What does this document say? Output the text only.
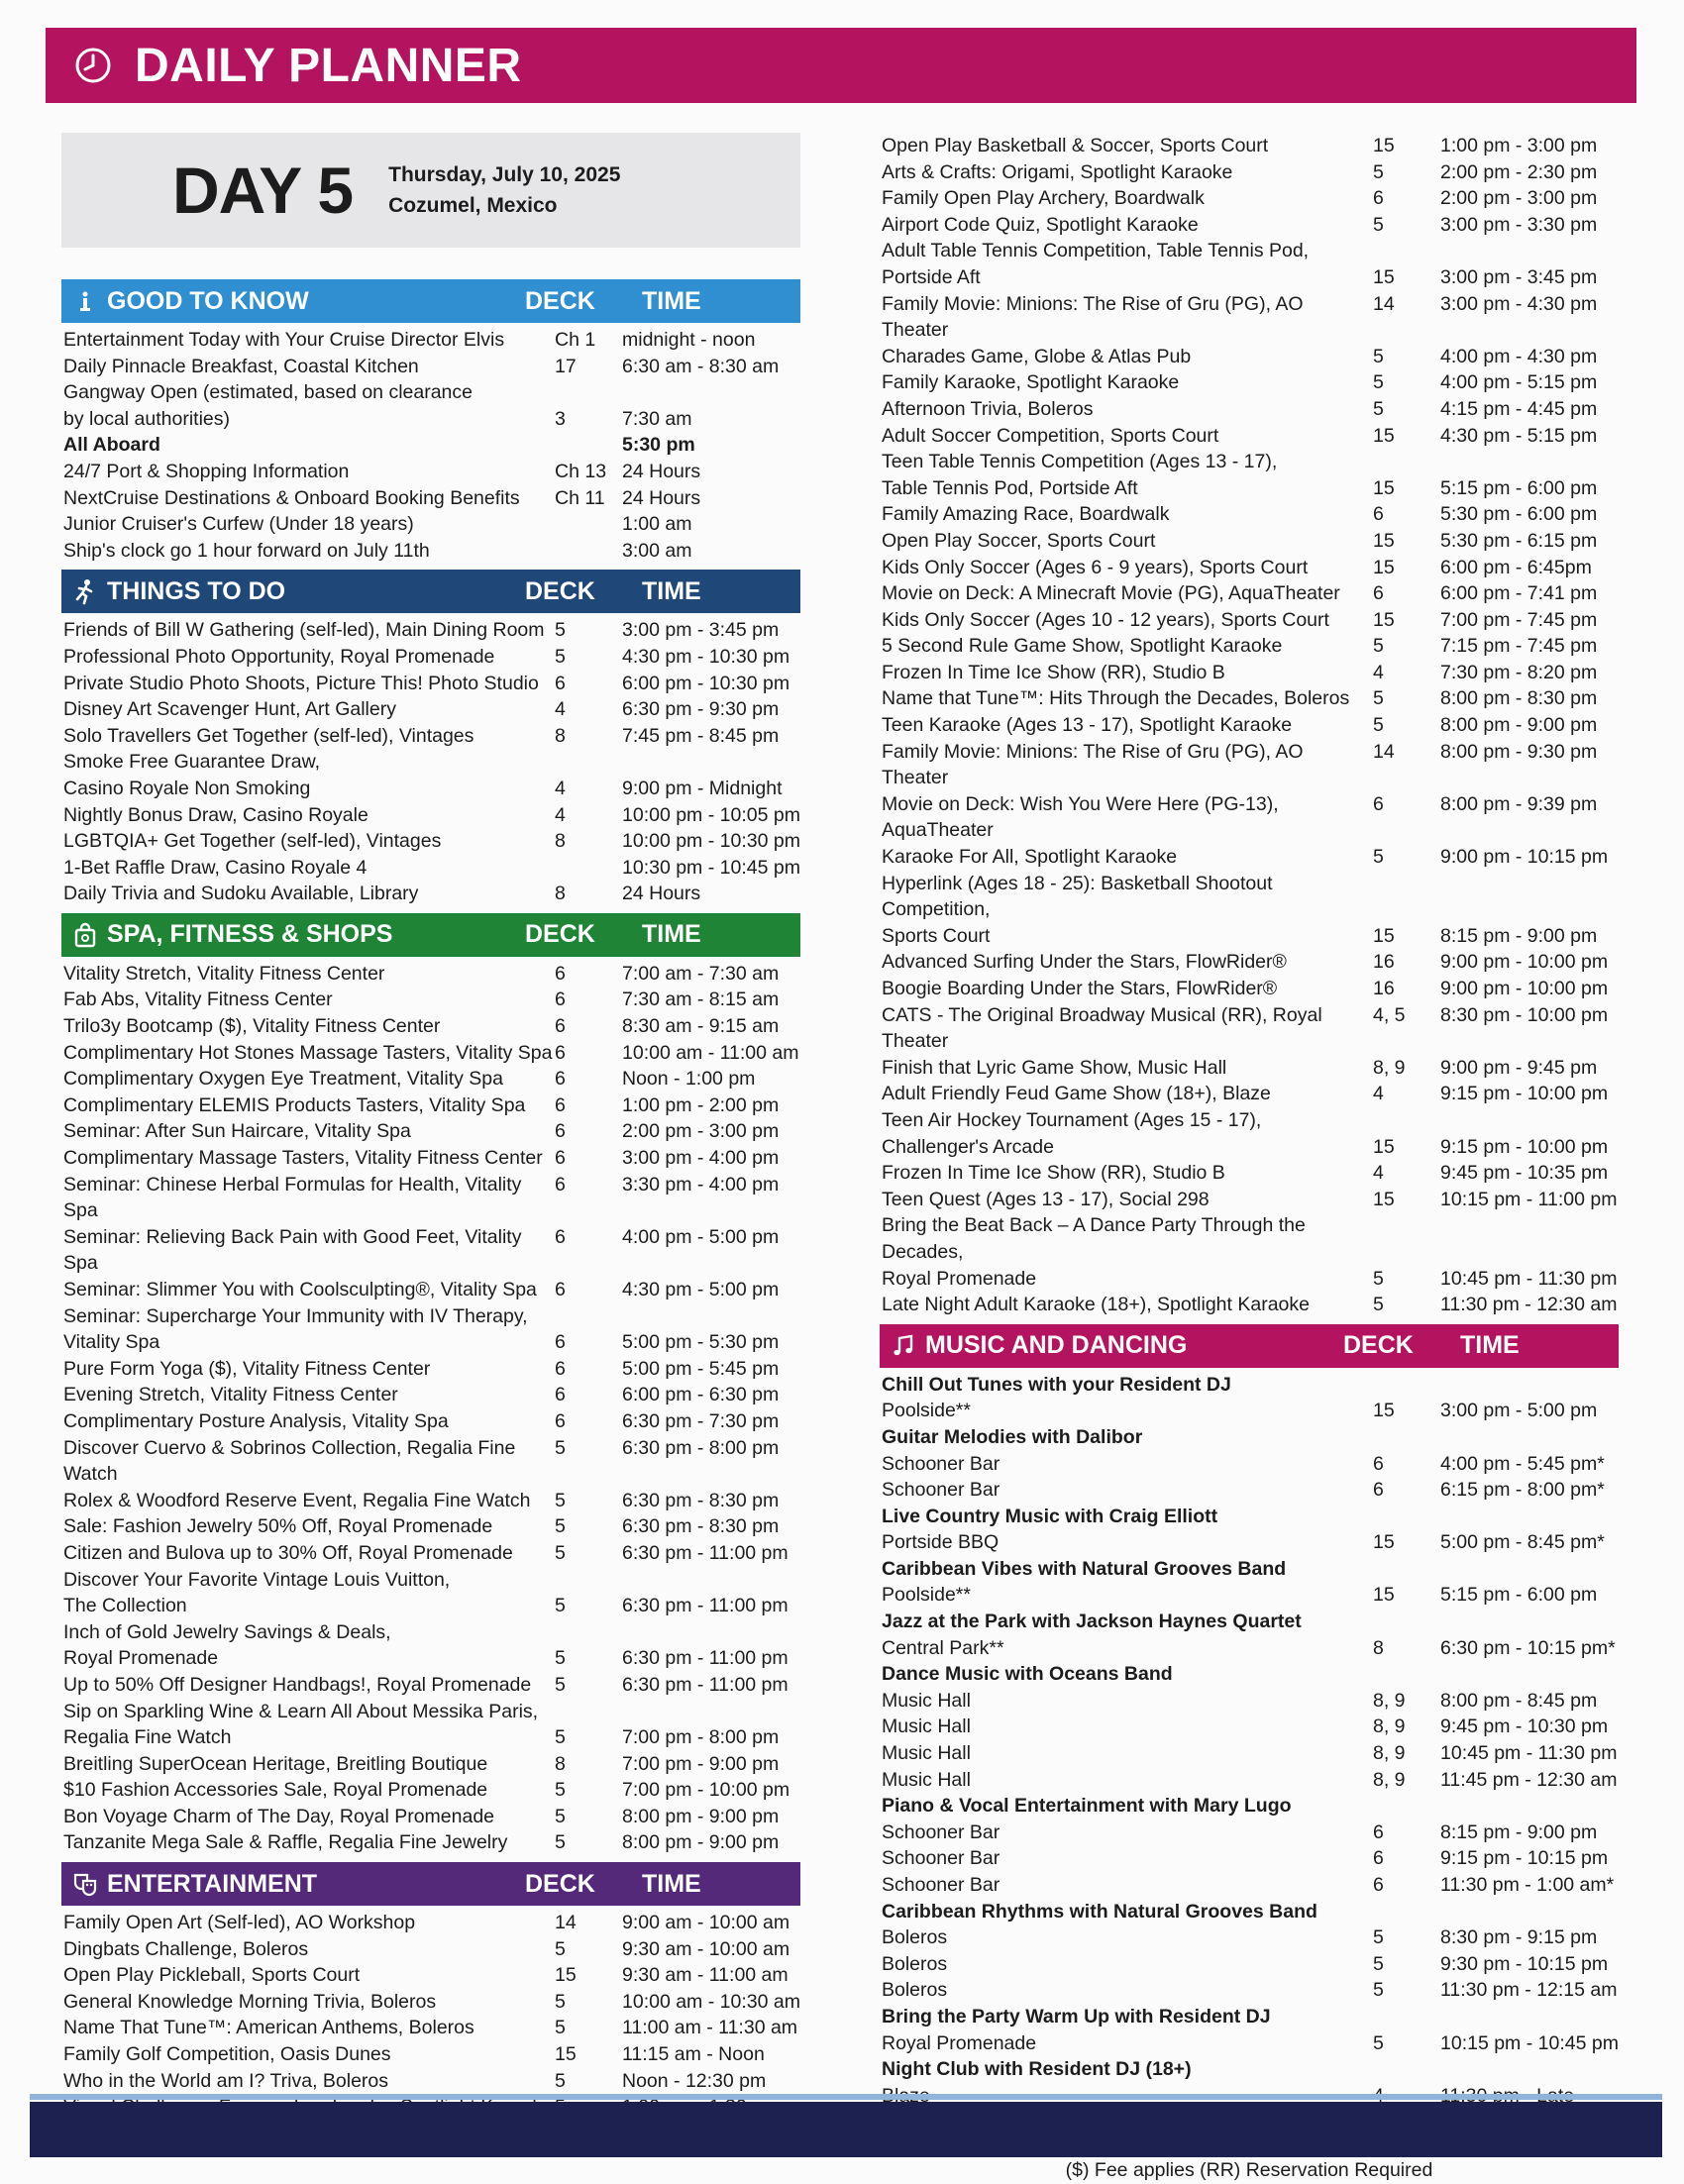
DAILY PLANNER
DAY 5 Thursday, July 10, 2025
Cozumel, Mexico
GOOD TO KNOW	DECK	TIME
Entertainment Today with Your Cruise Director Elvis	Ch 1	midnight - noon
Daily Pinnacle Breakfast, Coastal Kitchen	17	6:30 am - 8:30 am
Gangway Open (estimated, based on clearance
by local authorities)	3	7:30 am
All Aboard	5:30 pm
24/7 Port & Shopping Information	Ch 13 24 Hours
NextCruise Destinations & Onboard Booking Benefits	Ch 11 24 Hours
Junior Cruiser's Curfew (Under 18 years)	1:00 am
Ship's clock go 1 hour forward on July 11th	3:00 am
THINGS TO DO	DECK	TIME
Friends of Bill W Gathering (self-led), Main Dining Room 5	3:00 pm - 3:45 pm
Professional Photo Opportunity, Royal Promenade	5	4:30 pm - 10:30 pm
Private Studio Photo Shoots, Picture This! Photo Studio 6	6:00 pm - 10:30 pm
Disney Art Scavenger Hunt, Art Gallery	4	6:30 pm - 9:30 pm
Solo Travellers Get Together (self-led), Vintages	8	7:45 pm - 8:45 pm
Smoke Free Guarantee Draw,
Casino Royale Non Smoking	4	9:00 pm - Midnight
Nightly Bonus Draw, Casino Royale	4	10:00 pm - 10:05 pm
LGBTQIA+ Get Together (self-led), Vintages	8	10:00 pm - 10:30 pm
1-Bet Raffle Draw, Casino Royale 4	10:30 pm - 10:45 pm
Daily Trivia and Sudoku Available, Library	8	24 Hours
SPA, FITNESS & SHOPS	DECK	TIME
Vitality Stretch, Vitality Fitness Center	6	7:00 am - 7:30 am
Fab Abs, Vitality Fitness Center	6	7:30 am - 8:15 am
Trilo3y Bootcamp ($), Vitality Fitness Center	6	8:30 am - 9:15 am
Complimentary Hot Stones Massage Tasters, Vitality Spa 6	10:00 am - 11:00 am
Complimentary Oxygen Eye Treatment, Vitality Spa	6	Noon - 1:00 pm
Complimentary ELEMIS Products Tasters, Vitality Spa	6	1:00 pm - 2:00 pm
Seminar: After Sun Haircare, Vitality Spa	6	2:00 pm - 3:00 pm
Complimentary Massage Tasters, Vitality Fitness Center 6	3:00 pm - 4:00 pm
Seminar: Chinese Herbal Formulas for Health, Vitality Spa
6	3:30 pm - 4:00 pm
Seminar: Relieving Back Pain with Good Feet, Vitality Spa
6	4:00 pm - 5:00 pm
Seminar: Slimmer You with Coolsculpting®, Vitality Spa 6	4:30 pm - 5:00 pm
Seminar: Supercharge Your Immunity with IV Therapy,
Vitality Spa	6	5:00 pm - 5:30 pm
Pure Form Yoga ($), Vitality Fitness Center	6	5:00 pm - 5:45 pm
Evening Stretch, Vitality Fitness Center	6	6:00 pm - 6:30 pm
Complimentary Posture Analysis, Vitality Spa	6	6:30 pm - 7:30 pm
Discover Cuervo & Sobrinos Collection, Regalia Fine Watch
5	6:30 pm - 8:00 pm
Rolex & Woodford Reserve Event, Regalia Fine Watch	5	6:30 pm - 8:30 pm
Sale: Fashion Jewelry 50% Off, Royal Promenade	5	6:30 pm - 8:30 pm
Citizen and Bulova up to 30% Off, Royal Promenade	5	6:30 pm - 11:00 pm
Discover Your Favorite Vintage Louis Vuitton,
The Collection	5	6:30 pm - 11:00 pm
Inch of Gold Jewelry Savings & Deals,
Royal Promenade	5	6:30 pm - 11:00 pm
Up to 50% Off Designer Handbags!, Royal Promenade	5	6:30 pm - 11:00 pm
Sip on Sparkling Wine & Learn All About Messika Paris,
Regalia Fine Watch	5	7:00 pm - 8:00 pm
Breitling SuperOcean Heritage, Breitling Boutique	8	7:00 pm - 9:00 pm
$10 Fashion Accessories Sale, Royal Promenade	5	7:00 pm - 10:00 pm
Bon Voyage Charm of The Day, Royal Promenade	5	8:00 pm - 9:00 pm
Tanzanite Mega Sale & Raffle, Regalia Fine Jewelry	5	8:00 pm - 9:00 pm
ENTERTAINMENT	DECK	TIME
Family Open Art (Self-led), AO Workshop	14	9:00 am - 10:00 am
Dingbats Challenge, Boleros	5	9:30 am - 10:00 am
Open Play Pickleball, Sports Court	15	9:30 am - 11:00 am
General Knowledge Morning Trivia, Boleros	5	10:00 am - 10:30 am
Name That Tune™: American Anthems, Boleros	5	11:00 am - 11:30 am
Family Golf Competition, Oasis Dunes	15	11:15 am - Noon
Who in the World am I? Triva, Boleros	5	Noon - 12:30 pm
Open Play Basketball & Soccer, Sports Court	15	1:00 pm - 3:00 pm
Arts & Crafts: Origami, Spotlight Karaoke	5	2:00 pm - 2:30 pm
Family Open Play Archery, Boardwalk	6	2:00 pm - 3:00 pm
Airport Code Quiz, Spotlight Karaoke	5	3:00 pm - 3:30 pm
Adult Table Tennis Competition, Table Tennis Pod,
Portside Aft	15	3:00 pm - 3:45 pm
Family Movie: Minions: The Rise of Gru (PG), AO Theater
14	3:00 pm - 4:30 pm
Charades Game, Globe & Atlas Pub	5	4:00 pm - 4:30 pm
Family Karaoke, Spotlight Karaoke	5	4:00 pm - 5:15 pm
Afternoon Trivia, Boleros	5	4:15 pm - 4:45 pm
Adult Soccer Competition, Sports Court	15	4:30 pm - 5:15 pm
Teen Table Tennis Competition (Ages 13 - 17),
Table Tennis Pod, Portside Aft	15	5:15 pm - 6:00 pm
Family Amazing Race, Boardwalk	6	5:30 pm - 6:00 pm
Open Play Soccer, Sports Court	15	5:30 pm - 6:15 pm
Kids Only Soccer (Ages 6 - 9 years), Sports Court	15	6:00 pm - 6:45pm
Movie on Deck: A Minecraft Movie (PG), AquaTheater	6	6:00 pm - 7:41 pm
Kids Only Soccer (Ages 10 - 12 years), Sports Court	15	7:00 pm - 7:45 pm
5 Second Rule Game Show, Spotlight Karaoke	5	7:15 pm - 7:45 pm
Frozen In Time Ice Show (RR), Studio B	4	7:30 pm - 8:20 pm
Name that Tune™: Hits Through the Decades, Boleros	5	8:00 pm - 8:30 pm
Teen Karaoke (Ages 13 - 17), Spotlight Karaoke	5	8:00 pm - 9:00 pm
Family Movie: Minions: The Rise of Gru (PG), AO Theater
14	8:00 pm - 9:30 pm
Movie on Deck: Wish You Were Here (PG-13), AquaTheater
6	8:00 pm - 9:39 pm
Karaoke For All, Spotlight Karaoke	5	9:00 pm - 10:15 pm
Hyperlink (Ages 18 - 25): Basketball Shootout Competition,
Sports Court	15	8:15 pm - 9:00 pm
Advanced Surfing Under the Stars, FlowRider®	16	9:00 pm - 10:00 pm
Boogie Boarding Under the Stars, FlowRider®	16	9:00 pm - 10:00 pm
CATS - The Original Broadway Musical (RR), Royal Theater
4, 5	8:30 pm - 10:00 pm
Finish that Lyric Game Show, Music Hall	8, 9	9:00 pm - 9:45 pm
Adult Friendly Feud Game Show (18+), Blaze	4	9:15 pm - 10:00 pm
Teen Air Hockey Tournament (Ages 15 - 17),
Challenger's Arcade	15	9:15 pm - 10:00 pm
Frozen In Time Ice Show (RR), Studio B	4	9:45 pm - 10:35 pm
Teen Quest (Ages 13 - 17), Social 298	15	10:15 pm - 11:00 pm
Bring the Beat Back – A Dance Party Through the Decades,
Royal Promenade	5	10:45 pm - 11:30 pm
Late Night Adult Karaoke (18+), Spotlight Karaoke	5	11:30 pm - 12:30 am
MUSIC AND DANCING	DECK	TIME
Chill Out Tunes with your Resident DJ
Poolside**	15	3:00 pm - 5:00 pm
Guitar Melodies with Dalibor
Schooner Bar	6	4:00 pm - 5:45 pm*
Schooner Bar	6	6:15 pm - 8:00 pm*
Live Country Music with Craig Elliott
Portside BBQ	15	5:00 pm - 8:45 pm*
Caribbean Vibes with Natural Grooves Band
Poolside**	15	5:15 pm - 6:00 pm
Jazz at the Park with Jackson Haynes Quartet
Central Park**	8	6:30 pm - 10:15 pm*
Dance Music with Oceans Band
Music Hall	8, 9	8:00 pm - 8:45 pm
Music Hall	8, 9	9:45 pm - 10:30 pm
Music Hall	8, 9	10:45 pm - 11:30 pm
Music Hall	8, 9	11:45 pm - 12:30 am
Piano & Vocal Entertainment with Mary Lugo
Schooner Bar	6	8:15 pm - 9:00 pm
Schooner Bar	6	9:15 pm - 10:15 pm
Schooner Bar	6	11:30 pm - 1:00 am*
Caribbean Rhythms with Natural Grooves Band
Boleros	5	8:30 pm - 9:15 pm
Boleros	5	9:30 pm - 10:15 pm
Boleros	5	11:30 pm - 12:15 am
Bring the Party Warm Up with Resident DJ
Royal Promenade	5	10:15 pm - 10:45 pm
Night Club with Resident DJ (18+)
($) Fee applies (RR) Reservation Required
